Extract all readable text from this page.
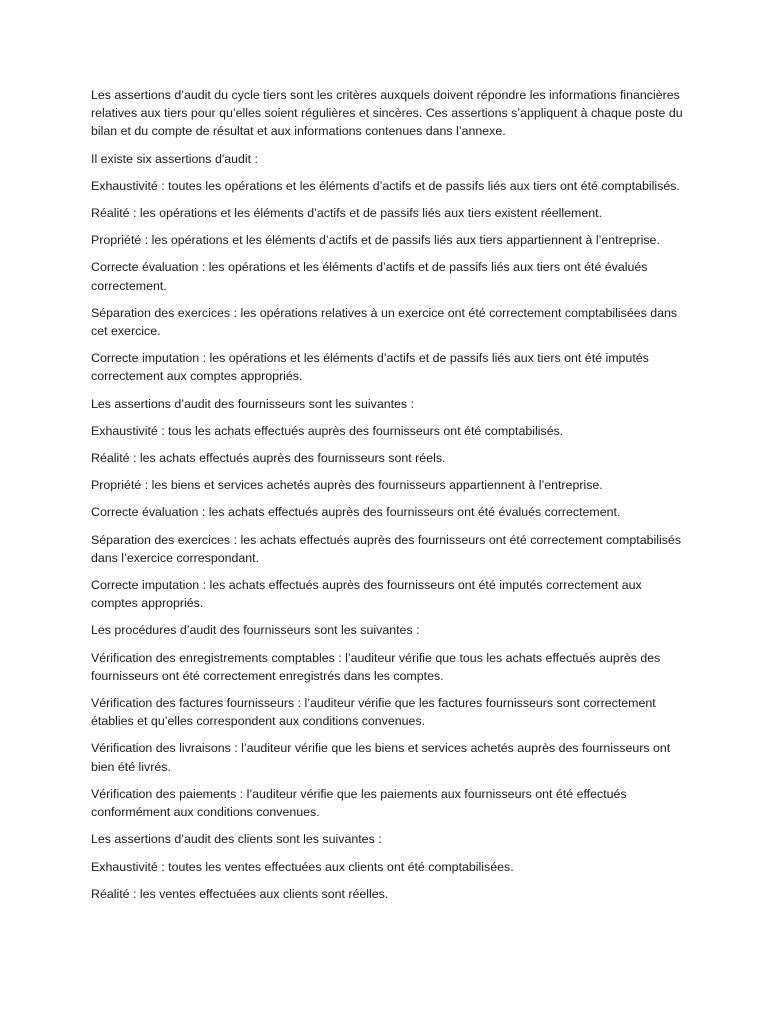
Les assertions d’audit du cycle tiers sont les critères auxquels doivent répondre les informations financières relatives aux tiers pour qu’elles soient régulières et sincères. Ces assertions s’appliquent à chaque poste du bilan et du compte de résultat et aux informations contenues dans l’annexe.

Il existe six assertions d'audit :

Exhaustivité : toutes les opérations et les éléments d’actifs et de passifs liés aux tiers ont été comptabilisés.

Réalité : les opérations et les éléments d’actifs et de passifs liés aux tiers existent réellement.

Propriété : les opérations et les éléments d’actifs et de passifs liés aux tiers appartiennent à l’entreprise.

Correcte évaluation : les opérations et les éléments d’actifs et de passifs liés aux tiers ont été évalués correctement.

Séparation des exercices : les opérations relatives à un exercice ont été correctement comptabilisées dans cet exercice.

Correcte imputation : les opérations et les éléments d’actifs et de passifs liés aux tiers ont été imputés correctement aux comptes appropriés.

Les assertions d’audit des fournisseurs sont les suivantes :

Exhaustivité : tous les achats effectués auprès des fournisseurs ont été comptabilisés.

Réalité : les achats effectués auprès des fournisseurs sont réels.

Propriété : les biens et services achetés auprès des fournisseurs appartiennent à l’entreprise.

Correcte évaluation : les achats effectués auprès des fournisseurs ont été évalués correctement.

Séparation des exercices : les achats effectués auprès des fournisseurs ont été correctement comptabilisés dans l’exercice correspondant.

Correcte imputation : les achats effectués auprès des fournisseurs ont été imputés correctement aux comptes appropriés.

Les procédures d’audit des fournisseurs sont les suivantes :

Vérification des enregistrements comptables : l’auditeur vérifie que tous les achats effectués auprès des fournisseurs ont été correctement enregistrés dans les comptes.

Vérification des factures fournisseurs : l’auditeur vérifie que les factures fournisseurs sont correctement établies et qu’elles correspondent aux conditions convenues.

Vérification des livraisons : l’auditeur vérifie que les biens et services achetés auprès des fournisseurs ont bien été livrés.

Vérification des paiements : l’auditeur vérifie que les paiements aux fournisseurs ont été effectués conformément aux conditions convenues.

Les assertions d’audit des clients sont les suivantes :

Exhaustivité : toutes les ventes effectuées aux clients ont été comptabilisées.

Réalité : les ventes effectuées aux clients sont réelles.
